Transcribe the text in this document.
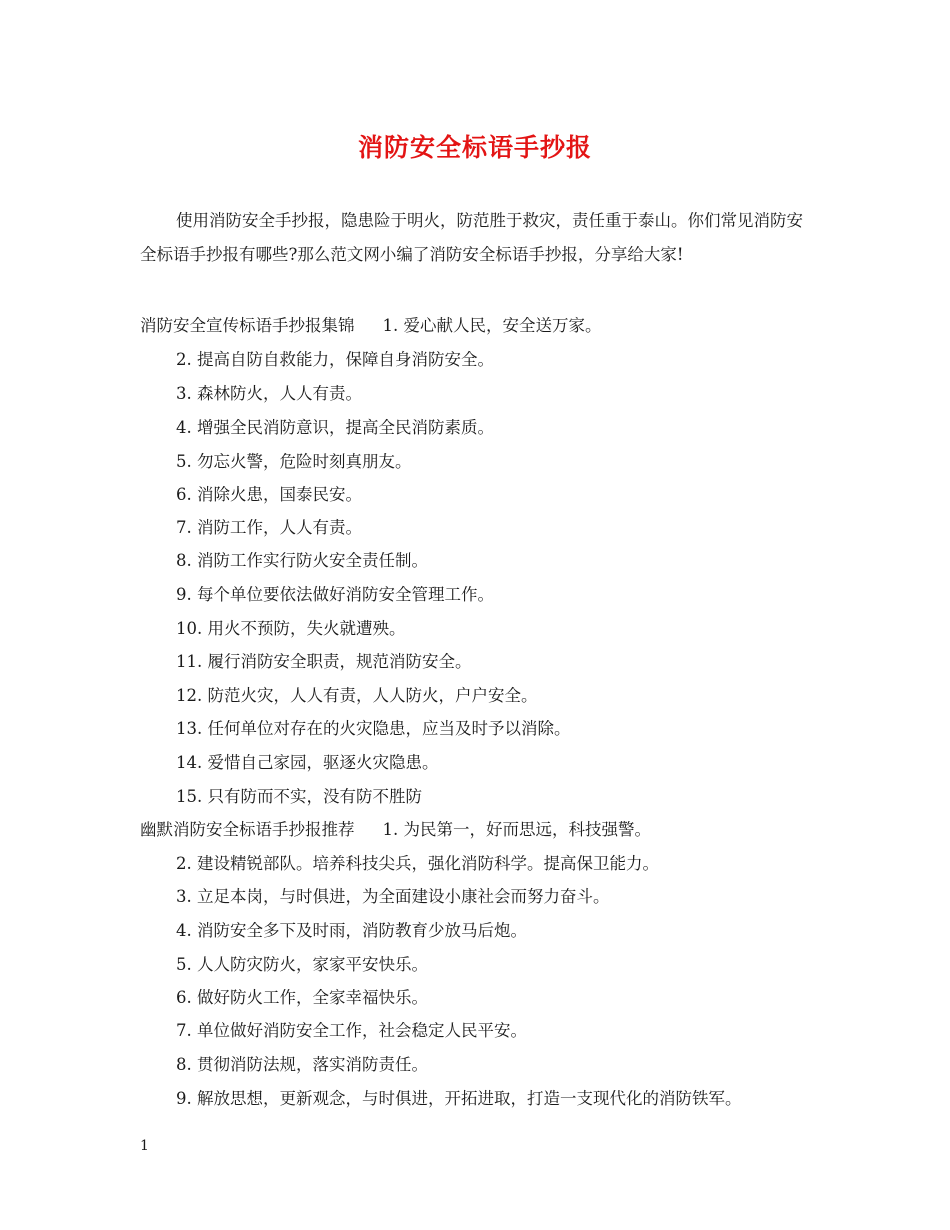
消防安全标语手抄报
使用消防安全手抄报，隐患险于明火，防范胜于救灾，责任重于泰山。你们常见消防安全标语手抄报有哪些?那么范文网小编了消防安全标语手抄报，分享给大家!
消防安全宣传标语手抄报集锦 1. 爱心献人民，安全送万家。
2. 提高自防自救能力，保障自身消防安全。
3. 森林防火，人人有责。
4. 增强全民消防意识，提高全民消防素质。
5. 勿忘火警，危险时刻真朋友。
6. 消除火患，国泰民安。
7. 消防工作，人人有责。
8. 消防工作实行防火安全责任制。
9. 每个单位要依法做好消防安全管理工作。
10. 用火不预防，失火就遭殃。
11. 履行消防安全职责，规范消防安全。
12. 防范火灾，人人有责，人人防火，户户安全。
13. 任何单位对存在的火灾隐患，应当及时予以消除。
14. 爱惜自己家园，驱逐火灾隐患。
15. 只有防而不实，没有防不胜防
幽默消防安全标语手抄报推荐 1. 为民第一，好而思远，科技强警。
2. 建设精锐部队。培养科技尖兵，强化消防科学。提高保卫能力。
3. 立足本岗，与时俱进，为全面建设小康社会而努力奋斗。
4. 消防安全多下及时雨，消防教育少放马后炮。
5. 人人防灾防火，家家平安快乐。
6. 做好防火工作，全家幸福快乐。
7. 单位做好消防安全工作，社会稳定人民平安。
8. 贯彻消防法规，落实消防责任。
9. 解放思想，更新观念，与时俱进，开拓进取，打造一支现代化的消防铁军。
1
